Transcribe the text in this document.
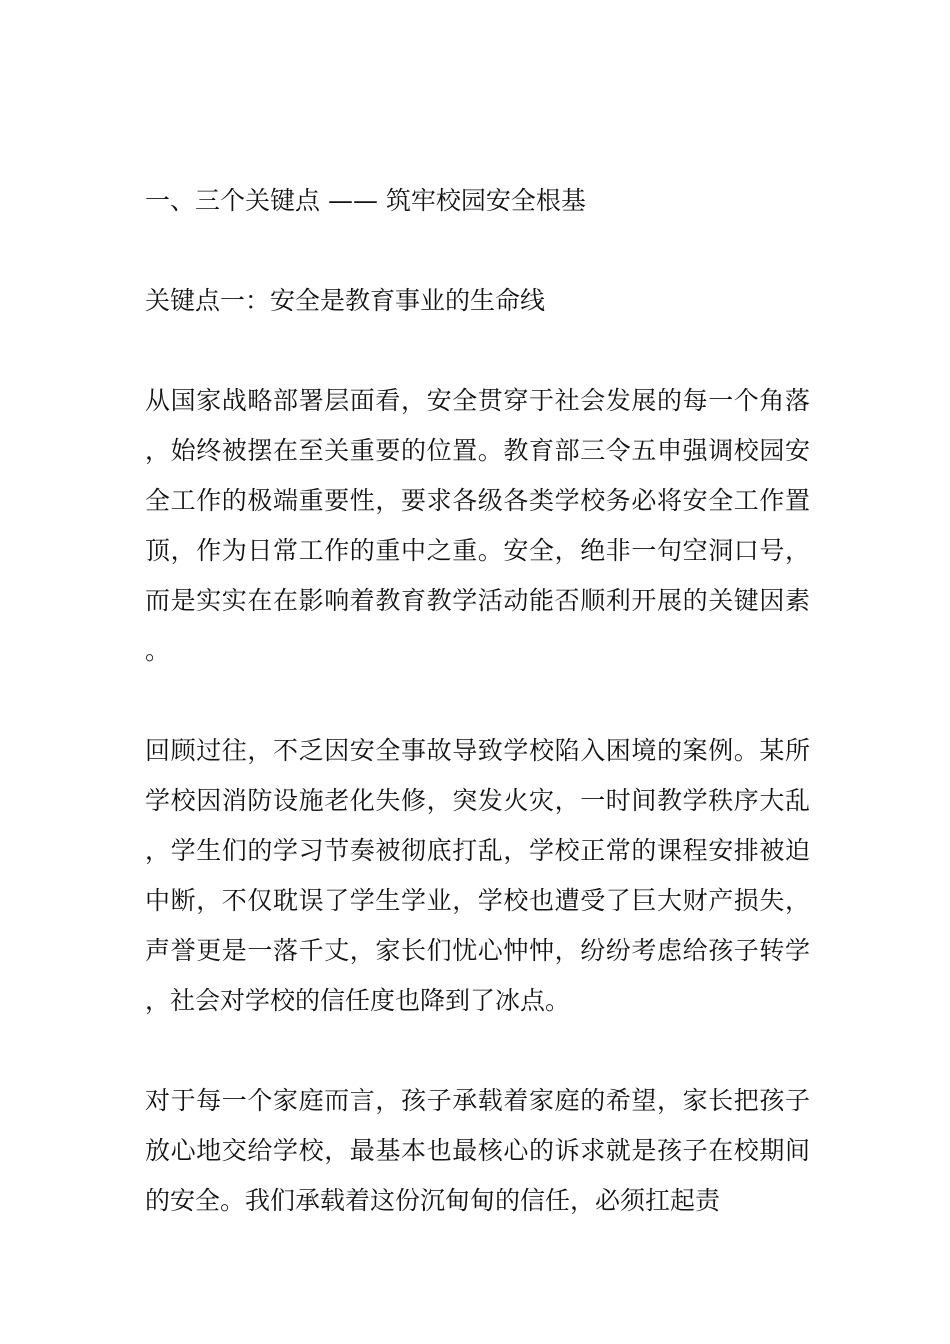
一、三个关键点 —— 筑牢校园安全根基
关键点一：安全是教育事业的生命线

从国家战略部署层面看，安全贯穿于社会发展的每一个角落，始终被摆在至关重要的位置。教育部三令五申强调校园安全工作的极端重要性，要求各级各类学校务必将安全工作置顶，作为日常工作的重中之重。安全，绝非一句空洞口号，而是实实在在影响着教育教学活动能否顺利开展的关键因素。

回顾过往，不乏因安全事故导致学校陷入困境的案例。某所学校因消防设施老化失修，突发火灾，一时间教学秩序大乱，学生们的学习节奏被彻底打乱，学校正常的课程安排被迫中断，不仅耽误了学生学业，学校也遭受了巨大财产损失，声誉更是一落千丈，家长们忧心忡忡，纷纷考虑给孩子转学，社会对学校的信任度也降到了冰点。

对于每一个家庭而言，孩子承载着家庭的希望，家长把孩子放心地交给学校，最基本也最核心的诉求就是孩子在校期间的安全。我们承载着这份沉甸甸的信任，必须扛起责
